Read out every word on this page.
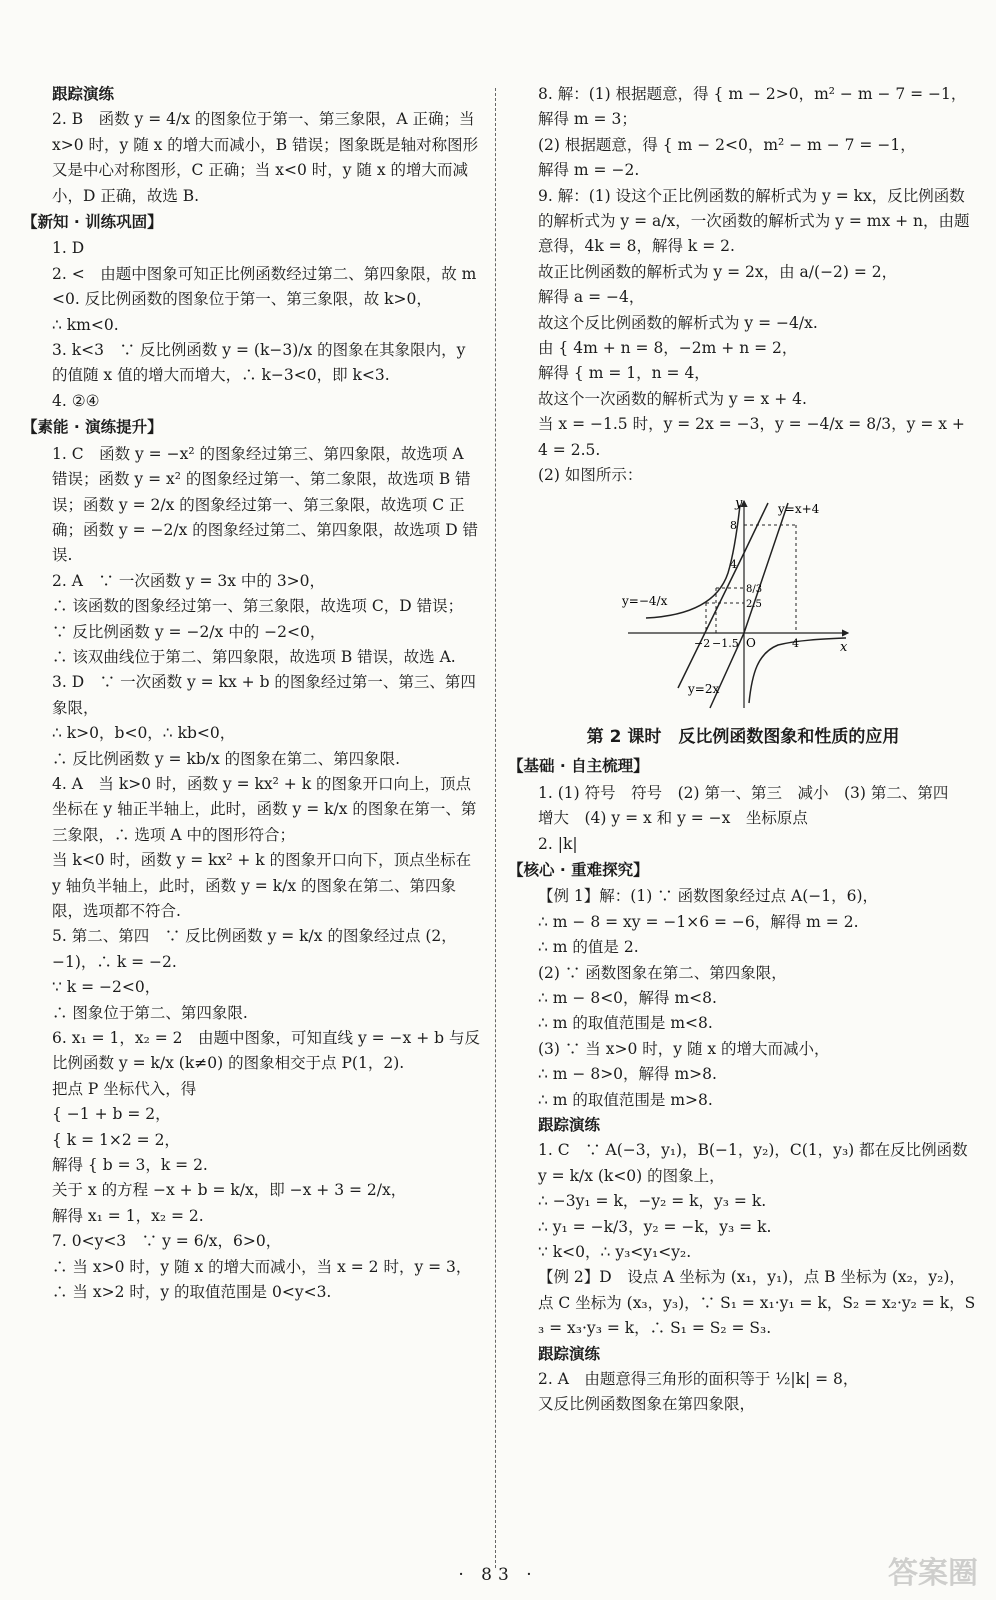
跟踪演练
2. B　函数 y = 4/x 的图象位于第一、第三象限，A 正确；当 x>0 时，y 随 x 的增大而减小，B 错误；图象既是轴对称图形又是中心对称图形，C 正确；当 x<0 时，y 随 x 的增大而减小，D 正确，故选 B.
【新知 · 训练巩固】
1. D
2. <　由题中图象可知正比例函数经过第二、第四象限，故 m<0. 反比例函数的图象位于第一、第三象限，故 k>0，
∴ km<0.
3. k<3　∵ 反比例函数 y = (k−3)/x 的图象在其象限内，y 的值随 x 值的增大而增大，∴ k−3<0，即 k<3.
4. ②④
【素能 · 演练提升】
1. C　函数 y = −x² 的图象经过第三、第四象限，故选项 A 错误；函数 y = x² 的图象经过第一、第二象限，故选项 B 错误；函数 y = 2/x 的图象经过第一、第三象限，故选项 C 正确；函数 y = −2/x 的图象经过第二、第四象限，故选项 D 错误.
2. A　∵ 一次函数 y = 3x 中的 3>0，
∴ 该函数的图象经过第一、第三象限，故选项 C，D 错误；
∵ 反比例函数 y = −2/x 中的 −2<0，
∴ 该双曲线位于第二、第四象限，故选项 B 错误，故选 A.
3. D　∵ 一次函数 y = kx + b 的图象经过第一、第三、第四象限，
∴ k>0，b<0，∴ kb<0，
∴ 反比例函数 y = kb/x 的图象在第二、第四象限.
4. A　当 k>0 时，函数 y = kx² + k 的图象开口向上，顶点坐标在 y 轴正半轴上，此时，函数 y = k/x 的图象在第一、第三象限，∴ 选项 A 中的图形符合；
当 k<0 时，函数 y = kx² + k 的图象开口向下，顶点坐标在 y 轴负半轴上，此时，函数 y = k/x 的图象在第二、第四象限，选项都不符合.
5. 第二、第四　∵ 反比例函数 y = k/x 的图象经过点 (2，−1)，∴ k = −2.
∵ k = −2<0，
∴ 图象位于第二、第四象限.
6. x₁ = 1，x₂ = 2　由题中图象，可知直线 y = −x + b 与反比例函数 y = k/x (k≠0) 的图象相交于点 P(1，2).
把点 P 坐标代入，得
{ −1 + b = 2，
{ k = 1×2 = 2，
解得 { b = 3，k = 2.
关于 x 的方程 −x + b = k/x，即 −x + 3 = 2/x，
解得 x₁ = 1，x₂ = 2.
7. 0<y<3　∵ y = 6/x，6>0，
∴ 当 x>0 时，y 随 x 的增大而减小，当 x = 2 时，y = 3，
∴ 当 x>2 时，y 的取值范围是 0<y<3.
8. 解：(1) 根据题意，得 { m − 2>0，m² − m − 7 = −1，
解得 m = 3；
(2) 根据题意，得 { m − 2<0，m² − m − 7 = −1，
解得 m = −2.
9. 解：(1) 设这个正比例函数的解析式为 y = kx，反比例函数的解析式为 y = a/x，一次函数的解析式为 y = mx + n，由题意得，4k = 8，解得 k = 2.
故正比例函数的解析式为 y = 2x，由 a/(−2) = 2，
解得 a = −4，
故这个反比例函数的解析式为 y = −4/x.
由 { 4m + n = 8，−2m + n = 2，
解得 { m = 1，n = 4，
故这个一次函数的解析式为 y = x + 4.
当 x = −1.5 时，y = 2x = −3，y = −4/x = 8/3，y = x + 4 = 2.5.
(2) 如图所示：
y
x
O
y=x+4
y=−4/x
y=2x
8
4
8/3
2.5
4
−2 −1.5
第 2 课时　反比例函数图象和性质的应用
【基础 · 自主梳理】
1. (1) 符号　符号　(2) 第一、第三　减小　(3) 第二、第四　增大　(4) y = x 和 y = −x　坐标原点
2. |k|
【核心 · 重难探究】
【例 1】解：(1) ∵ 函数图象经过点 A(−1，6)，
∴ m − 8 = xy = −1×6 = −6，解得 m = 2.
∴ m 的值是 2.
(2) ∵ 函数图象在第二、第四象限，
∴ m − 8<0，解得 m<8.
∴ m 的取值范围是 m<8.
(3) ∵ 当 x>0 时，y 随 x 的增大而减小，
∴ m − 8>0，解得 m>8.
∴ m 的取值范围是 m>8.
跟踪演练
1. C　∵ A(−3，y₁)，B(−1，y₂)，C(1，y₃) 都在反比例函数 y = k/x (k<0) 的图象上，
∴ −3y₁ = k，−y₂ = k，y₃ = k.
∴ y₁ = −k/3，y₂ = −k，y₃ = k.
∵ k<0，∴ y₃<y₁<y₂.
【例 2】D　设点 A 坐标为 (x₁，y₁)，点 B 坐标为 (x₂，y₂)，点 C 坐标为 (x₃，y₃)，∵ S₁ = x₁·y₁ = k，S₂ = x₂·y₂ = k，S₃ = x₃·y₃ = k，∴ S₁ = S₂ = S₃.
跟踪演练
2. A　由题意得三角形的面积等于 ½|k| = 8，
又反比例函数图象在第四象限，
· 83 ·	答案圈
